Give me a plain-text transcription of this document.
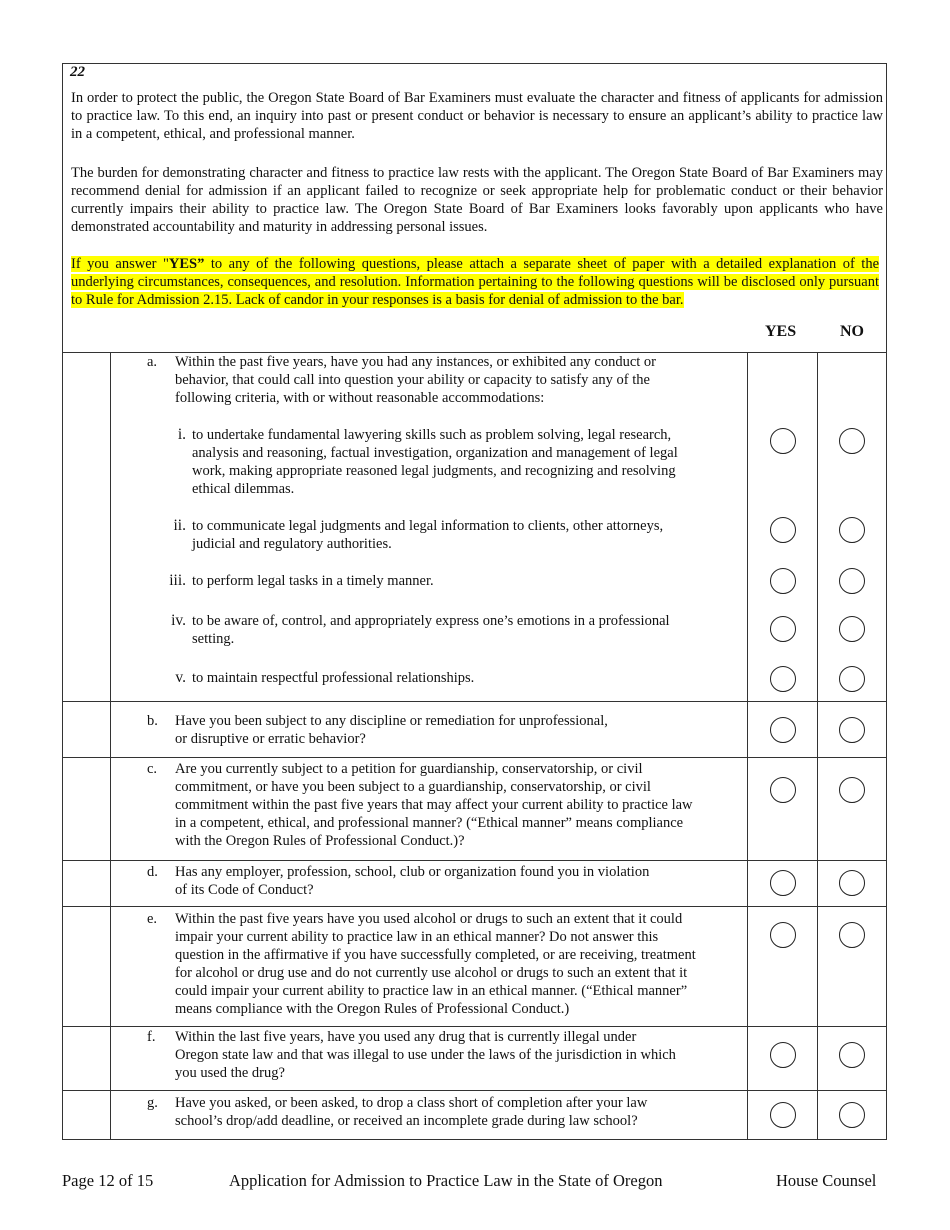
22
In order to protect the public, the Oregon State Board of Bar Examiners must evaluate the character and fitness of applicants for admission to practice law. To this end, an inquiry into past or present conduct or behavior is necessary to ensure an applicant’s ability to practice law in a competent, ethical, and professional manner.
The burden for demonstrating character and fitness to practice law rests with the applicant. The Oregon State Board of Bar Examiners may recommend denial for admission if an applicant failed to recognize or seek appropriate help for problematic conduct or their behavior currently impairs their ability to practice law. The Oregon State Board of Bar Examiners looks favorably upon applicants who have demonstrated accountability and maturity in addressing personal issues.
If you answer "YES” to any of the following questions, please attach a separate sheet of paper with a detailed explanation of the underlying circumstances, consequences, and resolution. Information pertaining to the following questions will be disclosed only pursuant to Rule for Admission 2.15. Lack of candor in your responses is a basis for denial of admission to the bar.
YES	NO
a. Within the past five years, have you had any instances, or exhibited any conduct or
behavior, that could call into question your ability or capacity to satisfy any of the
following criteria, with or without reasonable accommodations:
i. to undertake fundamental lawyering skills such as problem solving, legal research,
analysis and reasoning, factual investigation, organization and management of legal
work, making appropriate reasoned legal judgments, and recognizing and resolving
ethical dilemmas.
ii. to communicate legal judgments and legal information to clients, other attorneys,
judicial and regulatory authorities.
iii. to perform legal tasks in a timely manner.
iv. to be aware of, control, and appropriately express one’s emotions in a professional
setting.
v. to maintain respectful professional relationships.
b. Have you been subject to any discipline or remediation for unprofessional,
or disruptive or erratic behavior?
c. Are you currently subject to a petition for guardianship, conservatorship, or civil
commitment, or have you been subject to a guardianship, conservatorship, or civil
commitment within the past five years that may affect your current ability to practice law
in a competent, ethical, and professional manner? (“Ethical manner” means compliance
with the Oregon Rules of Professional Conduct.)?
d. Has any employer, profession, school, club or organization found you in violation
of its Code of Conduct?
e. Within the past five years have you used alcohol or drugs to such an extent that it could
impair your current ability to practice law in an ethical manner? Do not answer this
question in the affirmative if you have successfully completed, or are receiving, treatment
for alcohol or drug use and do not currently use alcohol or drugs to such an extent that it
could impair your current ability to practice law in an ethical manner. (“Ethical manner”
means compliance with the Oregon Rules of Professional Conduct.)
f. Within the last five years, have you used any drug that is currently illegal under
Oregon state law and that was illegal to use under the laws of the jurisdiction in which
you used the drug?
g. Have you asked, or been asked, to drop a class short of completion after your law
school’s drop/add deadline, or received an incomplete grade during law school?
Page 12 of 15	Application for Admission to Practice Law in the State of Oregon	House Counsel
